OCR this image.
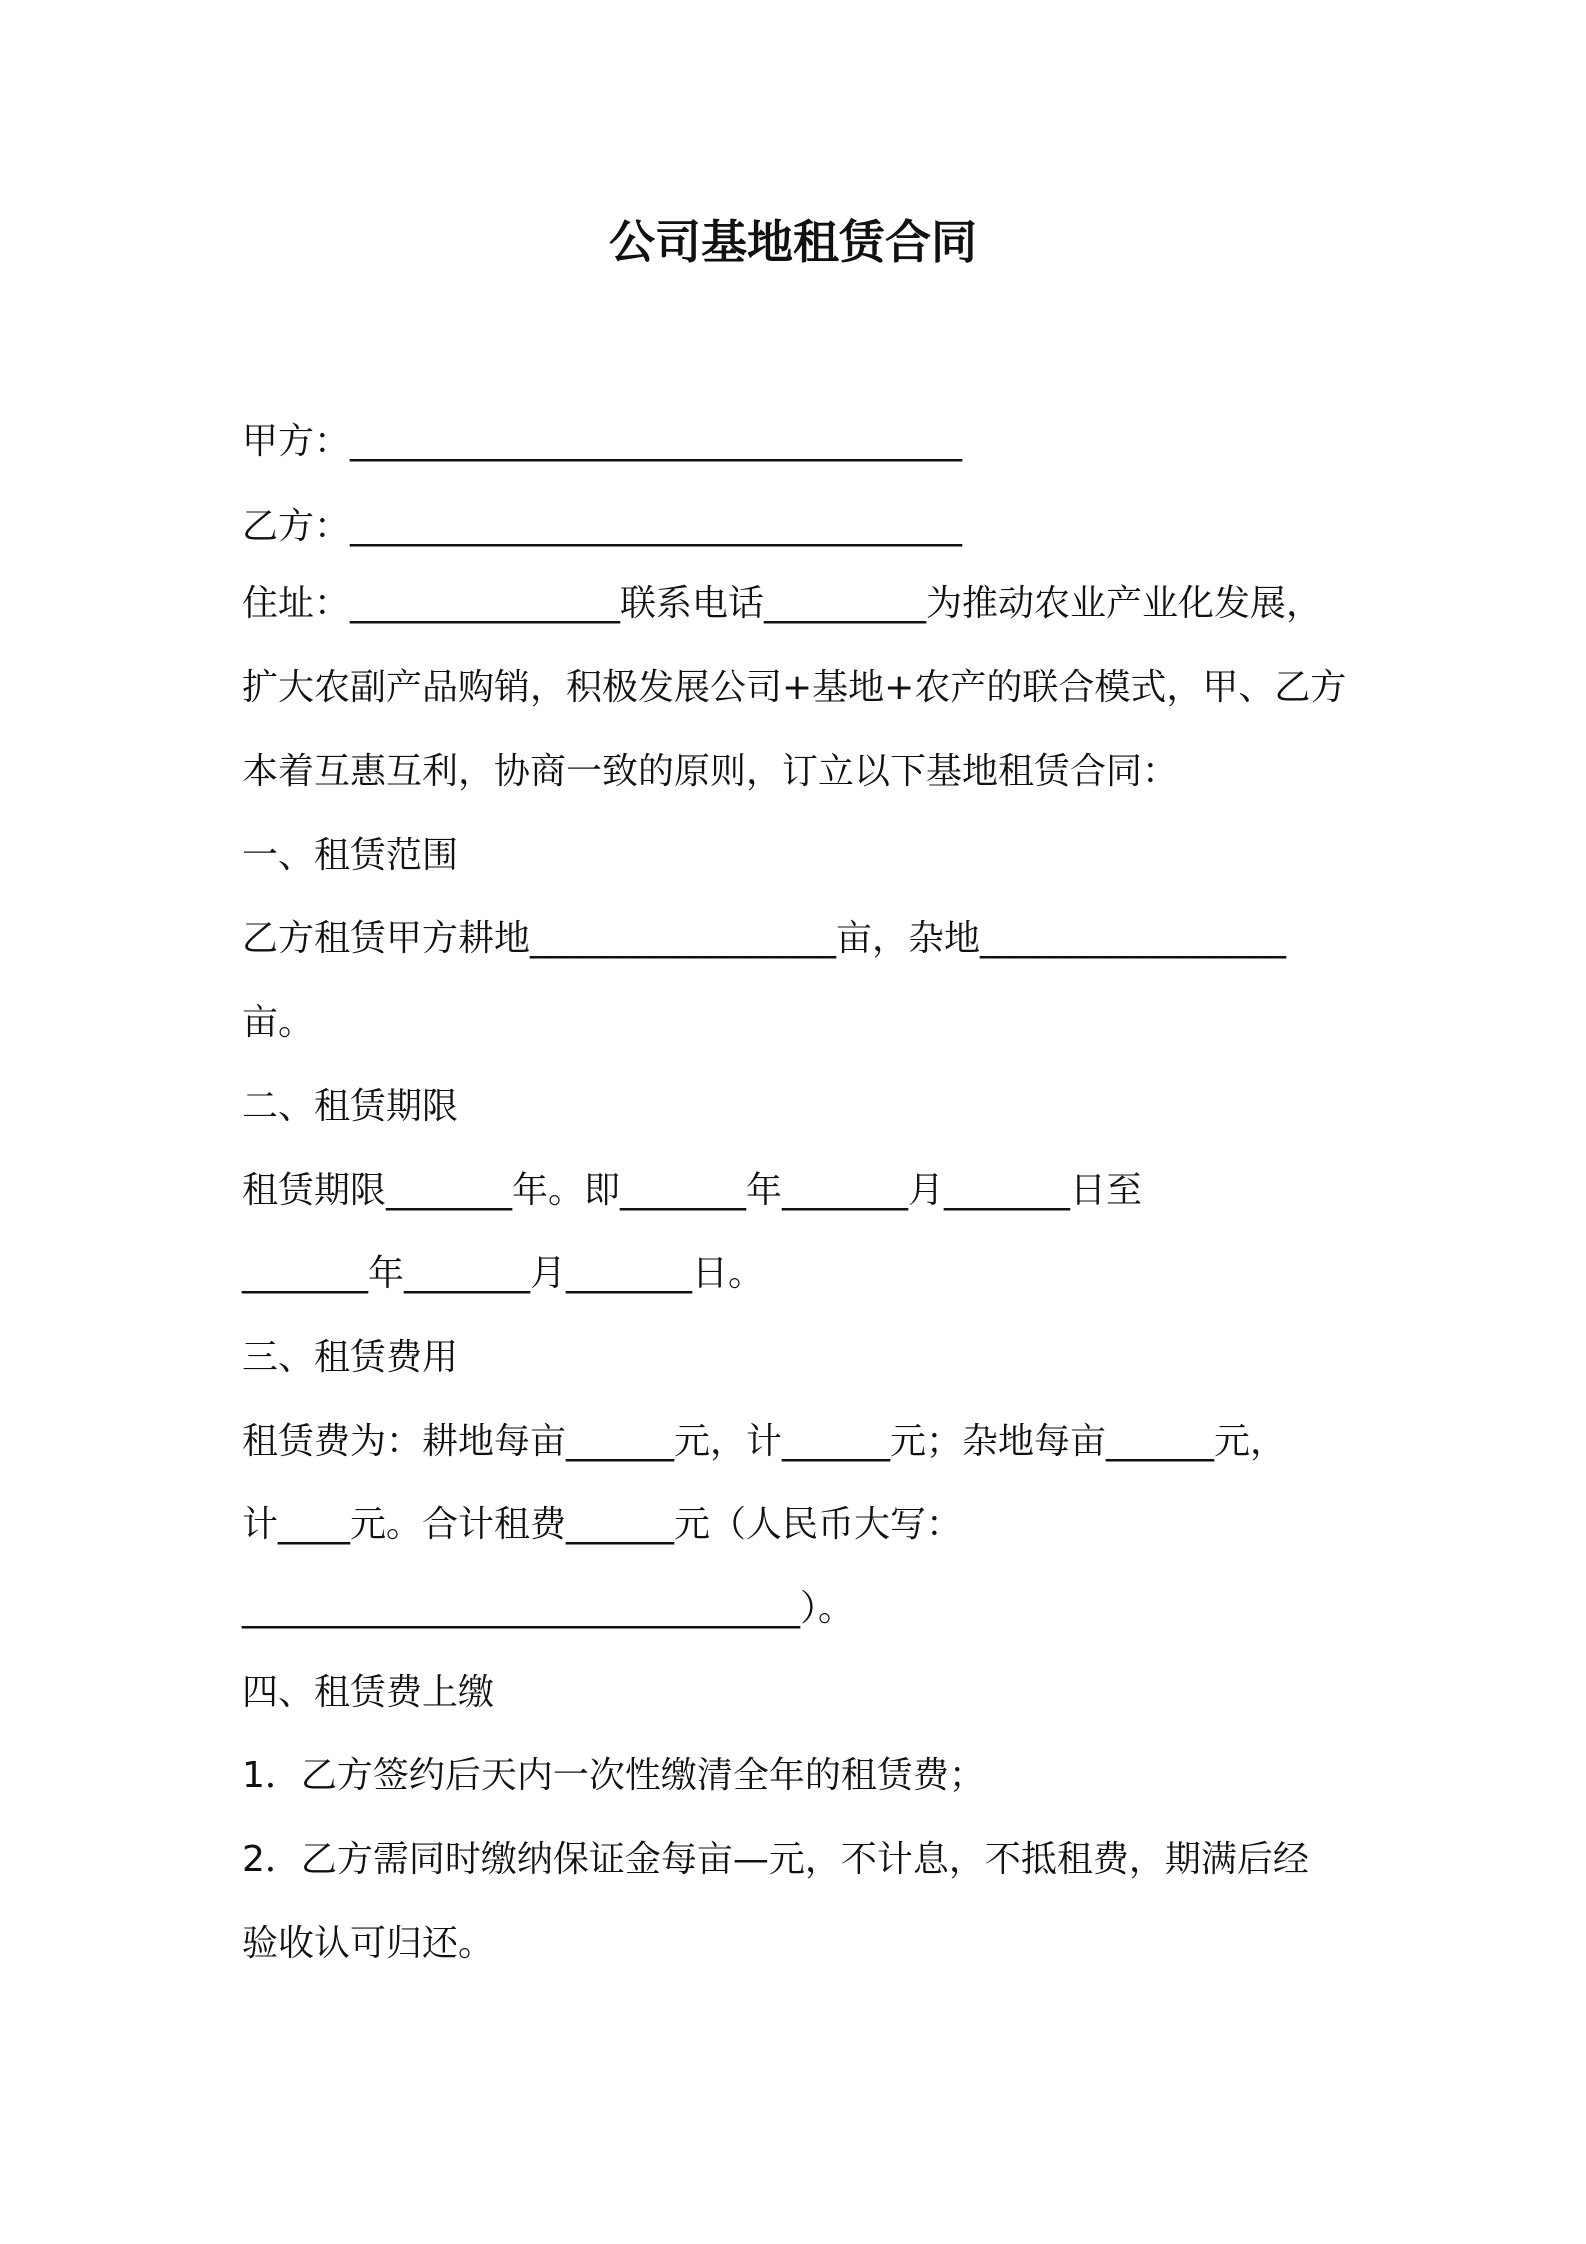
公司基地租赁合同
甲方：__________________________________
乙方：__________________________________
住址：_______________联系电话_________为推动农业产业化发展，
扩大农副产品购销，积极发展公司+基地+农产的联合模式，甲、乙方
本着互惠互利，协商一致的原则，订立以下基地租赁合同：
一、租赁范围
乙方租赁甲方耕地_________________亩，杂地_________________
亩。
二、租赁期限
租赁期限_______年。即_______年_______月_______日至
_______年_______月_______日。
三、租赁费用
租赁费为：耕地每亩______元，计______元；杂地每亩______元，
计____元。合计租费______元（人民币大写：
_______________________________）。
四、租赁费上缴
1．乙方签约后天内一次性缴清全年的租赁费；
2．乙方需同时缴纳保证金每亩—元，不计息，不抵租费，期满后经
验收认可归还。
